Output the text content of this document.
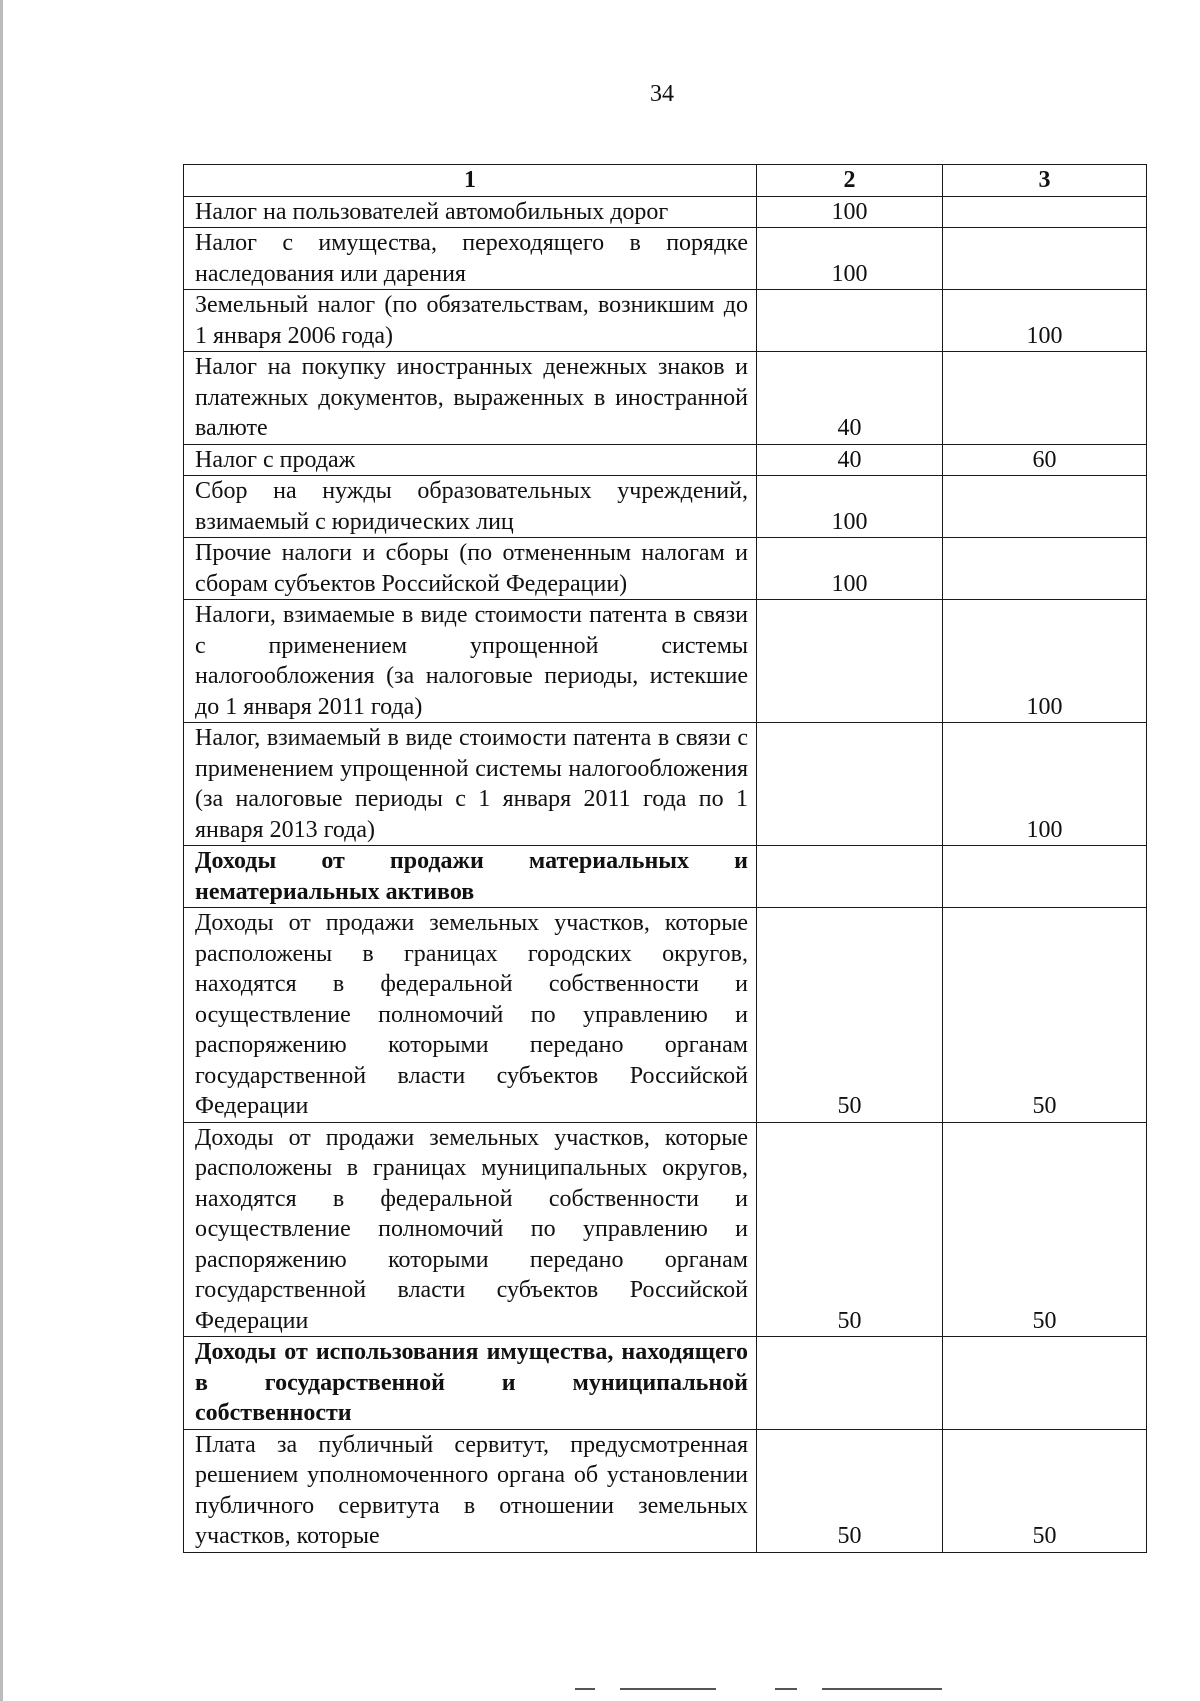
34
1	2	3
Налог на пользователей автомобильных дорог	100	
Налог с имущества, переходящего в порядке наследования или дарения	100	
Земельный налог (по обязательствам, возникшим до 1 января 2006 года)		100
Налог на покупку иностранных денежных знаков и платежных документов, выраженных в иностранной валюте	40	
Налог с продаж	40	60
Сбор на нужды образовательных учреждений, взимаемый с юридических лиц	100	
Прочие налоги и сборы (по отмененным налогам и сборам субъектов Российской Федерации)	100	
Налоги, взимаемые в виде стоимости патента в связи с применением упрощенной системы налогообложения (за налоговые периоды, истекшие до 1 января 2011 года)		100
Налог, взимаемый в виде стоимости патента в связи с применением упрощенной системы налогообложения (за налоговые периоды с 1 января 2011 года по 1 января 2013 года)		100
Доходы от продажи материальных и нематериальных активов		
Доходы от продажи земельных участков, которые расположены в границах городских округов, находятся в федеральной собственности и осуществление полномочий по управлению и распоряжению которыми передано органам государственной власти субъектов Российской Федерации	50	50
Доходы от продажи земельных участков, которые расположены в границах муниципальных округов, находятся в федеральной собственности и осуществление полномочий по управлению и распоряжению которыми передано органам государственной власти субъектов Российской Федерации	50	50
Доходы от использования имущества, находящего в государственной и муниципальной собственности		
Плата за публичный сервитут, предусмотренная решением уполномоченного органа об установлении публичного сервитута в отношении земельных участков, которые	50	50
